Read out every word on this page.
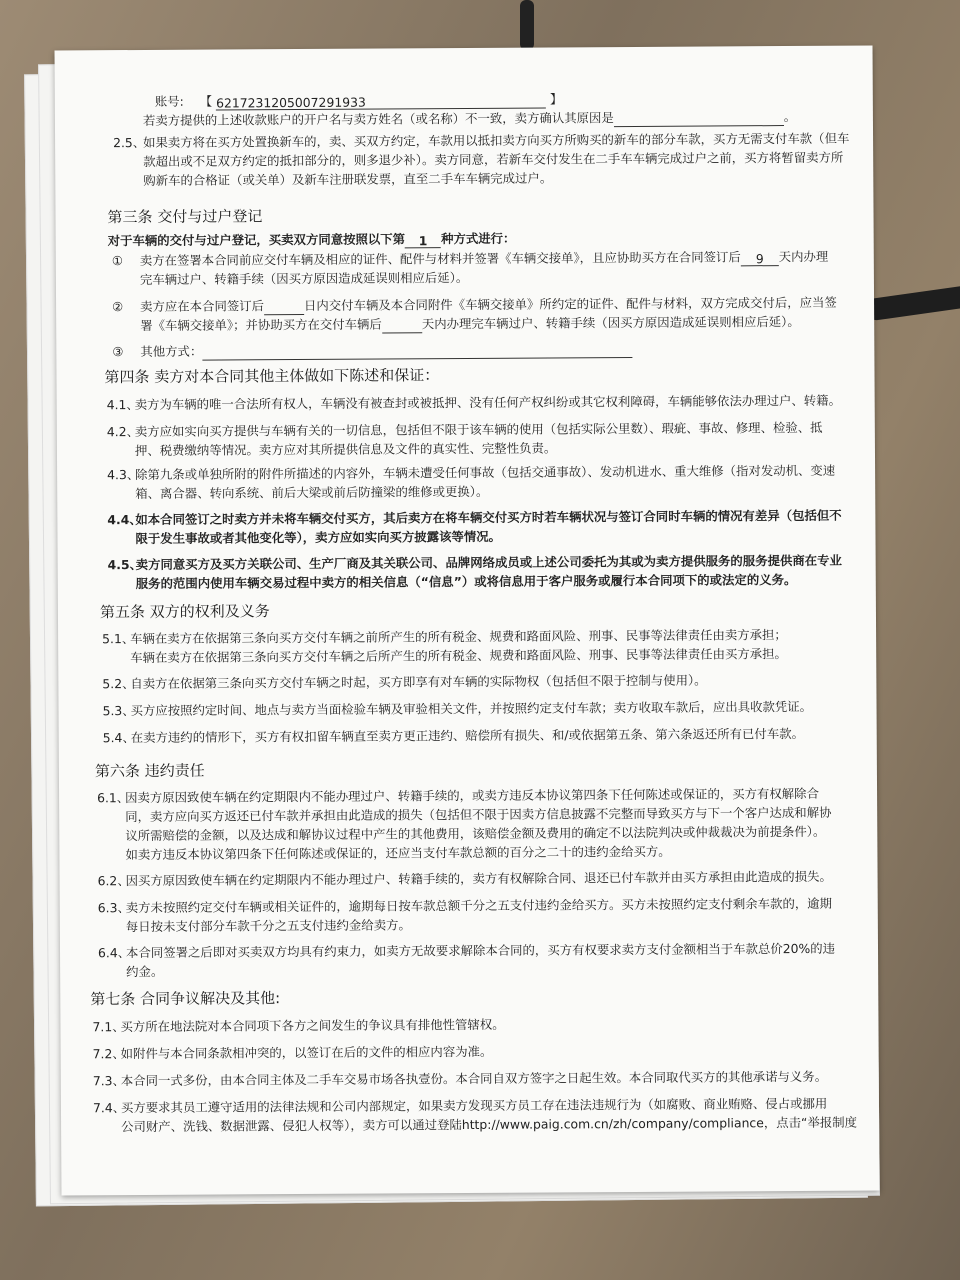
账号: 【 6217231205007291933	】
若卖方提供的上述收款账户的开户名与卖方姓名（或名称）不一致，卖方确认其原因是	。
2.5、
如果卖方将在买方处置换新车的，卖、买双方约定，车款用以抵扣卖方向买方所购买的新车的部分车款，买方无需支付车款（但车
款超出或不足双方约定的抵扣部分的，则多退少补）。卖方同意，若新车交付发生在二手车车辆完成过户之前，买方将暂留卖方所
购新车的合格证（或关单）及新车注册联发票，直至二手车车辆完成过户。
第三条 交付与过户登记
对于车辆的交付与过户登记，买卖双方同意按照以下第 1 种方式进行：
① 卖方在签署本合同前应交付车辆及相应的证件、配件与材料并签署《车辆交接单》，且应协助买方在合同签订后 9 天内办理
完车辆过户、转籍手续（因买方原因造成延误则相应后延）。
② 卖方应在本合同签订后	日内交付车辆及本合同附件《车辆交接单》所约定的证件、配件与材料，双方完成交付后，应当签
署《车辆交接单》；并协助买方在交付车辆后	天内办理完车辆过户、转籍手续（因买方原因造成延误则相应后延）。
③ 其他方式：
第四条 卖方对本合同其他主体做如下陈述和保证：
4.1、
卖方为车辆的唯一合法所有权人，车辆没有被查封或被抵押、没有任何产权纠纷或其它权利障碍，车辆能够依法办理过户、转籍。
4.2、
卖方应如实向买方提供与车辆有关的一切信息，包括但不限于该车辆的使用（包括实际公里数）、瑕疵、事故、修理、检验、抵
押、税费缴纳等情况。卖方应对其所提供信息及文件的真实性、完整性负责。
4.3、
除第九条或单独所附的附件所描述的内容外，车辆未遭受任何事故（包括交通事故）、发动机进水、重大维修（指对发动机、变速
箱、离合器、转向系统、前后大梁或前后防撞梁的维修或更换）。
4.4、
如本合同签订之时卖方并未将车辆交付买方，其后卖方在将车辆交付买方时若车辆状况与签订合同时车辆的情况有差异（包括但不
限于发生事故或者其他变化等），卖方应如实向买方披露该等情况。
4.5、
卖方同意买方及买方关联公司、生产厂商及其关联公司、品牌网络成员或上述公司委托为其或为卖方提供服务的服务提供商在专业
服务的范围内使用车辆交易过程中卖方的相关信息（“信息”）或将信息用于客户服务或履行本合同项下的或法定的义务。
第五条 双方的权利及义务
5.1、
车辆在卖方在依据第三条向买方交付车辆之前所产生的所有税金、规费和路面风险、刑事、民事等法律责任由卖方承担；
车辆在卖方在依据第三条向买方交付车辆之后所产生的所有税金、规费和路面风险、刑事、民事等法律责任由买方承担。
5.2、
自卖方在依据第三条向买方交付车辆之时起，买方即享有对车辆的实际物权（包括但不限于控制与使用）。
5.3、
买方应按照约定时间、地点与卖方当面检验车辆及审验相关文件，并按照约定支付车款；卖方收取车款后，应出具收款凭证。
5.4、
在卖方违约的情形下，买方有权扣留车辆直至卖方更正违约、赔偿所有损失、和/或依据第五条、第六条返还所有已付车款。
第六条 违约责任
6.1、
因卖方原因致使车辆在约定期限内不能办理过户、转籍手续的，或卖方违反本协议第四条下任何陈述或保证的，买方有权解除合
同，卖方应向买方返还已付车款并承担由此造成的损失（包括但不限于因卖方信息披露不完整而导致买方与下一个客户达成和解协
议所需赔偿的金额，以及达成和解协议过程中产生的其他费用，该赔偿金额及费用的确定不以法院判决或仲裁裁决为前提条件）。
如卖方违反本协议第四条下任何陈述或保证的，还应当支付车款总额的百分之二十的违约金给买方。
6.2、
因买方原因致使车辆在约定期限内不能办理过户、转籍手续的，卖方有权解除合同、退还已付车款并由买方承担由此造成的损失。
6.3、
卖方未按照约定交付车辆或相关证件的，逾期每日按车款总额千分之五支付违约金给买方。买方未按照约定支付剩余车款的，逾期
每日按未支付部分车款千分之五支付违约金给卖方。
6.4、
本合同签署之后即对买卖双方均具有约束力，如卖方无故要求解除本合同的，买方有权要求卖方支付金额相当于车款总价20%的违
约金。
第七条 合同争议解决及其他:
7.1、
买方所在地法院对本合同项下各方之间发生的争议具有排他性管辖权。
7.2、
如附件与本合同条款相冲突的，以签订在后的文件的相应内容为准。
7.3、
本合同一式多份，由本合同主体及二手车交易市场各执壹份。本合同自双方签字之日起生效。本合同取代买方的其他承诺与义务。
7.4、
买方要求其员工遵守适用的法律法规和公司内部规定，如果卖方发现买方员工存在违法违规行为（如腐败、商业贿赂、侵占或挪用
公司财产、洗钱、数据泄露、侵犯人权等），卖方可以通过登陆http://www.paig.com.cn/zh/company/compliance，点击“举报制度
